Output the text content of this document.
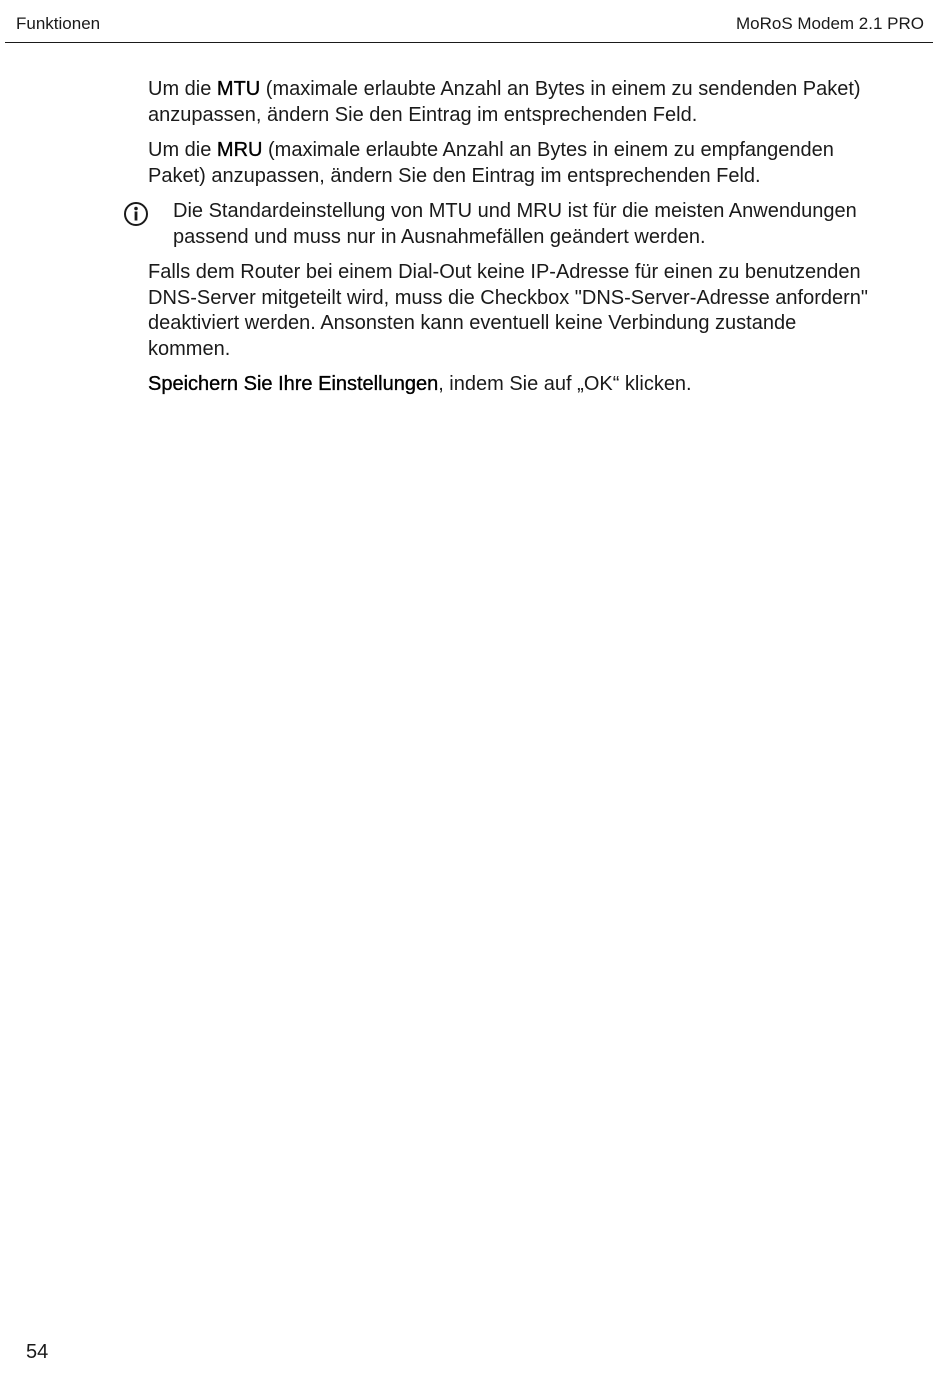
Funktionen	MoRoS Modem 2.1 PRO

Um die MTU (maximale erlaubte Anzahl an Bytes in einem zu sendenden Paket) anzupassen, ändern Sie den Eintrag im entsprechenden Feld.

Um die MRU (maximale erlaubte Anzahl an Bytes in einem zu empfangenden Paket) anzupassen, ändern Sie den Eintrag im entsprechenden Feld.

Die Standardeinstellung von MTU und MRU ist für die meisten Anwendungen passend und muss nur in Ausnahmefällen geändert werden.

Falls dem Router bei einem Dial-Out keine IP-Adresse für einen zu benutzenden DNS-Server mitgeteilt wird, muss die Checkbox "DNS-Server-Adresse anfordern" deaktiviert werden. Ansonsten kann eventuell keine Verbindung zustande kommen.

Speichern Sie Ihre Einstellungen, indem Sie auf „OK“ klicken.

54
